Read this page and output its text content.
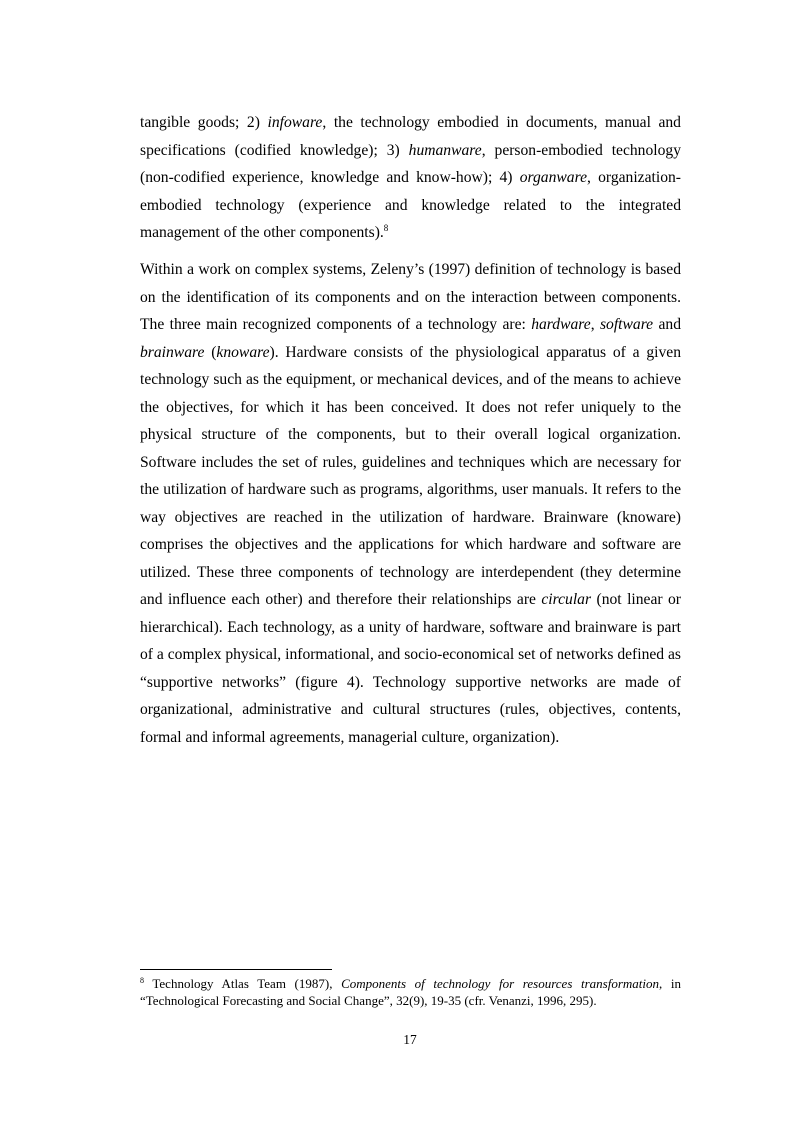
tangible goods; 2) infoware, the technology embodied in documents, manual and specifications (codified knowledge); 3) humanware, person-embodied technology (non-codified experience, knowledge and know-how); 4) organware, organization-embodied technology (experience and knowledge related to the integrated management of the other components).$^8$

Within a work on complex systems, Zeleny’s (1997) definition of technology is based on the identification of its components and on the interaction between components. The three main recognized components of a technology are: hardware, software and brainware (knoware). Hardware consists of the physiological apparatus of a given technology such as the equipment, or mechanical devices, and of the means to achieve the objectives, for which it has been conceived. It does not refer uniquely to the physical structure of the components, but to their overall logical organization. Software includes the set of rules, guidelines and techniques which are necessary for the utilization of hardware such as programs, algorithms, user manuals. It refers to the way objectives are reached in the utilization of hardware. Brainware (knoware) comprises the objectives and the applications for which hardware and software are utilized. These three components of technology are interdependent (they determine and influence each other) and therefore their relationships are circular (not linear or hierarchical). Each technology, as a unity of hardware, software and brainware is part of a complex physical, informational, and socio-economical set of networks defined as “supportive networks” (figure 4). Technology supportive networks are made of organizational, administrative and cultural structures (rules, objectives, contents, formal and informal agreements, managerial culture, organization).

$^8$ Technology Atlas Team (1987), Components of technology for resources transformation, in “Technological Forecasting and Social Change”, 32(9), 19-35 (cfr. Venanzi, 1996, 295).
17
